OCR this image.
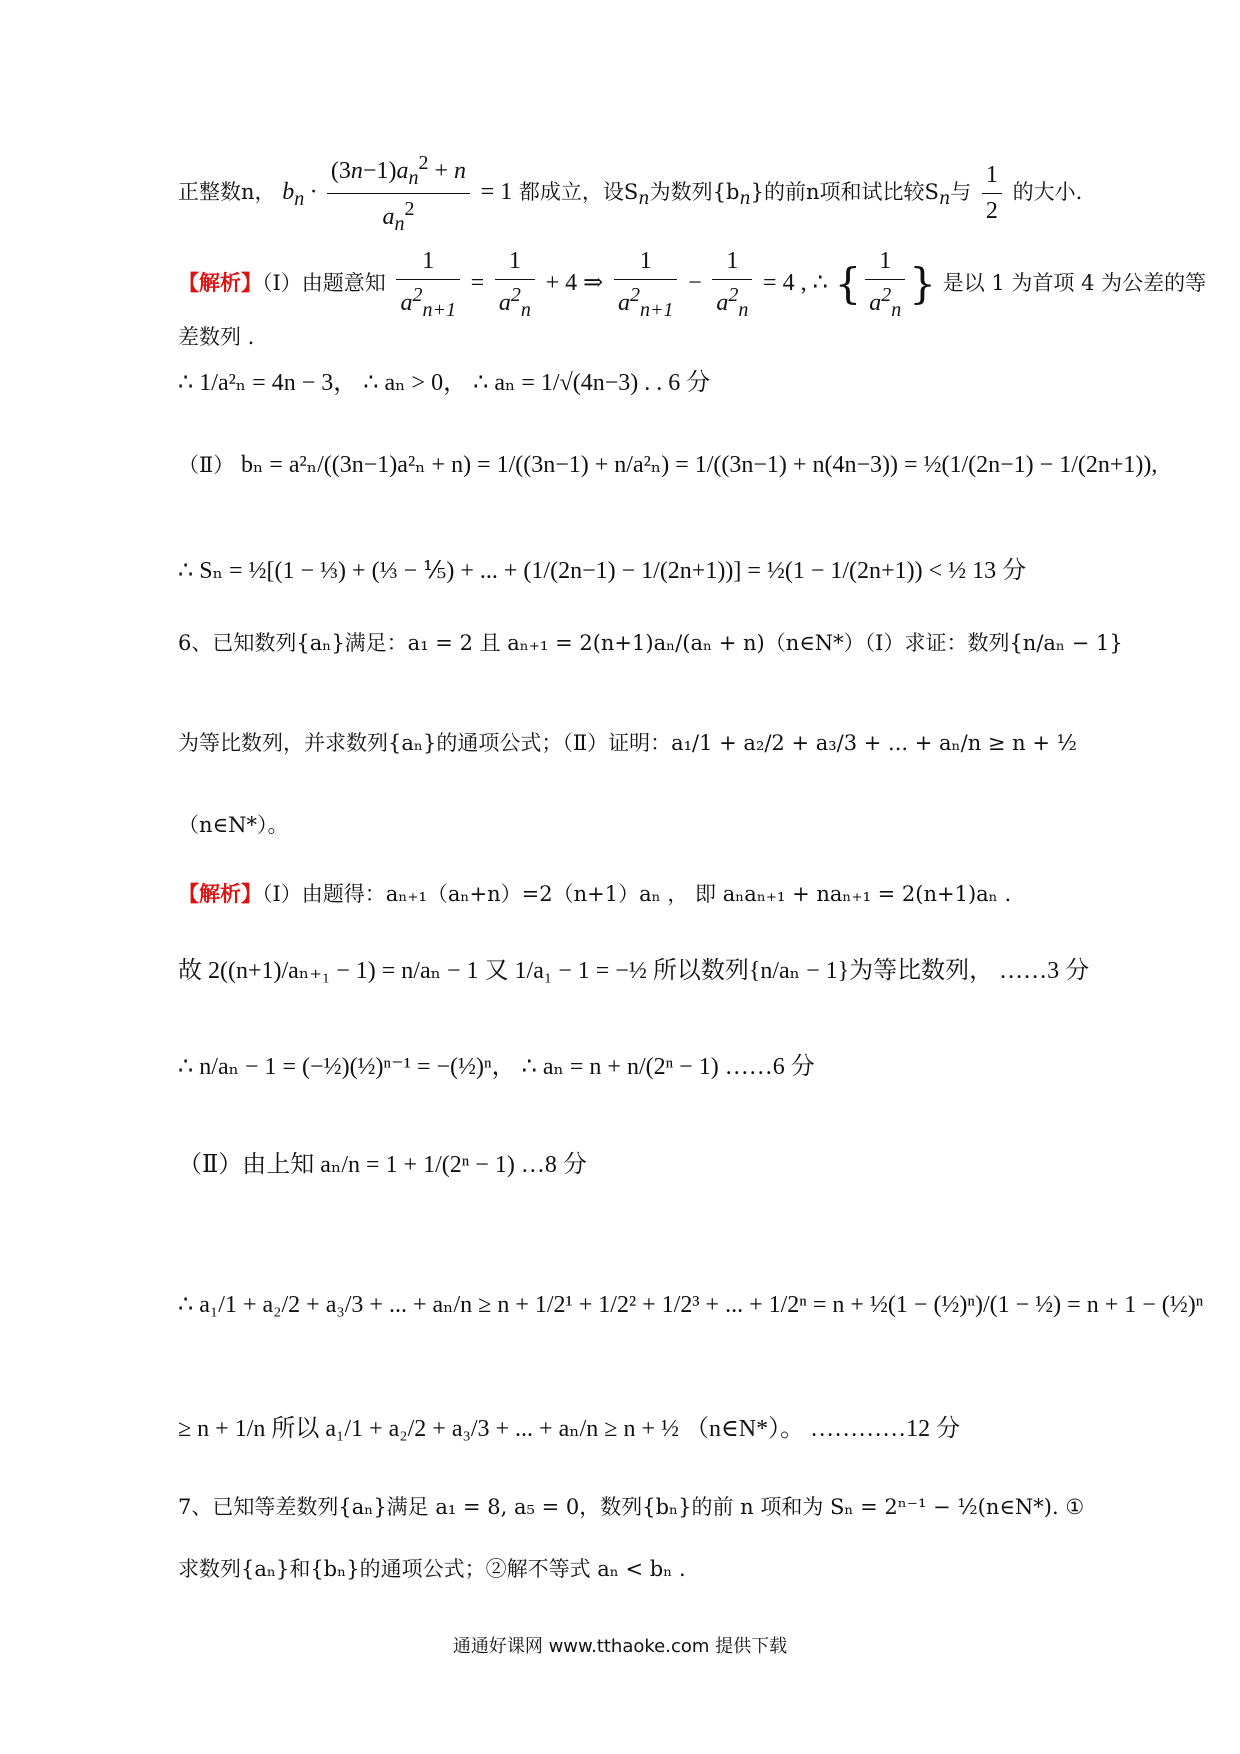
正整数n， $b_n \cdot \frac{(3n-1)a_n^2 + n}{a_n^2} = 1$ 都成立，设$S_n$为数列$\{b_n\}$的前n项和试比较$S_n$与 $\frac{1}{2}$ 的大小.
【解析】（Ⅰ）由题意知 $\frac{1}{a^2_{n+1}} = \frac{1}{a^2_n} + 4$ ⇒ $\frac{1}{a^2_{n+1}} - \frac{1}{a^2_n} = 4$ , ∴ { $\frac{1}{a^2_n}$ } 是以 1 为首项 4 为公差的等
差数列 .
∴ 1/a²ₙ = 4n − 3， ∴ aₙ > 0， ∴ aₙ = 1/√(4n−3) . . 6 分
（Ⅱ） bₙ = a²ₙ/((3n−1)a²ₙ + n) = 1/((3n−1) + n/a²ₙ) = 1/((3n−1) + n(4n−3)) = ½(1/(2n−1) − 1/(2n+1)),
∴ Sₙ = ½[(1 − ⅓) + (⅓ − ⅕) + ... + (1/(2n−1) − 1/(2n+1))] = ½(1 − 1/(2n+1)) < ½ 13 分
6、已知数列{aₙ}满足：a₁ = 2 且 aₙ₊₁ = 2(n+1)aₙ/(aₙ + n)（n∈N*）（Ⅰ）求证：数列{n/aₙ − 1}
为等比数列，并求数列{aₙ}的通项公式；（Ⅱ）证明：a₁/1 + a₂/2 + a₃/3 + ... + aₙ/n ≥ n + ½
（n∈N*）。
【解析】（Ⅰ）由题得：aₙ₊₁（aₙ+n）=2（n+1）aₙ ， 即 aₙaₙ₊₁ + naₙ₊₁ = 2(n+1)aₙ .
故 2((n+1)/aₙ₊₁ − 1) = n/aₙ − 1 又 1/a₁ − 1 = −½ 所以数列{n/aₙ − 1}为等比数列， ……3 分
∴ n/aₙ − 1 = (−½)(½)ⁿ⁻¹ = −(½)ⁿ， ∴ aₙ = n + n/(2ⁿ − 1) ……6 分
（Ⅱ）由上知 aₙ/n = 1 + 1/(2ⁿ − 1) …8 分
∴ a₁/1 + a₂/2 + a₃/3 + ... + aₙ/n ≥ n + 1/2¹ + 1/2² + 1/2³ + ... + 1/2ⁿ = n + ½(1 − (½)ⁿ)/(1 − ½) = n + 1 − (½)ⁿ
≥ n + 1/n 所以 a₁/1 + a₂/2 + a₃/3 + ... + aₙ/n ≥ n + ½ （n∈N*）。 …………12 分
7、已知等差数列{aₙ}满足 a₁ = 8, a₅ = 0，数列{bₙ}的前 n 项和为 Sₙ = 2ⁿ⁻¹ − ½(n∈N*). ①
求数列{aₙ}和{bₙ}的通项公式；②解不等式 aₙ < bₙ .
通通好课网 www.tthaoke.com 提供下载
